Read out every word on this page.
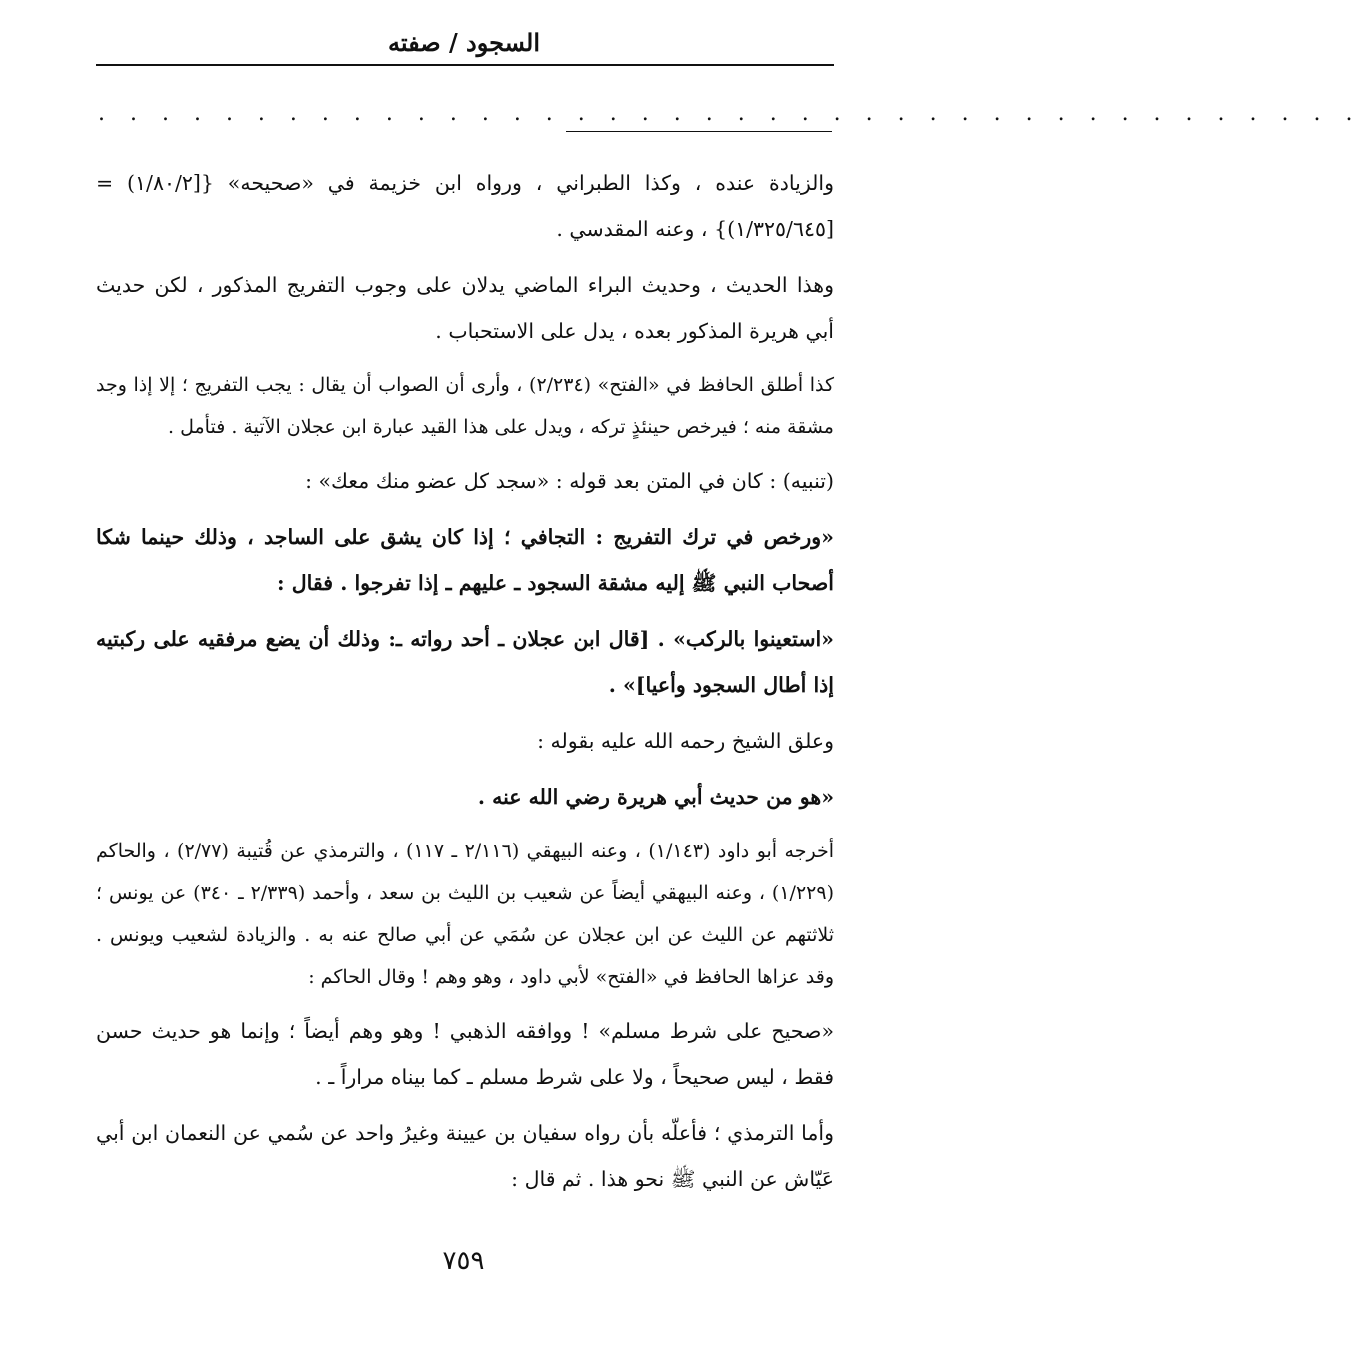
السجود / صفته
. . . . . . . . . . . . . . . . . . . . . . . . . . . . . . . . . . . . . . . .

والزيادة عنده ، وكذا الطبراني ، ورواه ابن خزيمة في «صحيحه» {[١/٨٠/٢) = [١/٣٢٥/٦٤٥)} ، وعنه المقدسي .

وهذا الحديث ، وحديث البراء الماضي يدلان على وجوب التفريج المذكور ، لكن حديث أبي هريرة المذكور بعده ، يدل على الاستحباب .

كذا أطلق الحافظ في «الفتح» (٢/٢٣٤) ، وأرى أن الصواب أن يقال : يجب التفريج ؛ إلا إذا وجد مشقة منه ؛ فيرخص حينئذٍ تركه ، ويدل على هذا القيد عبارة ابن عجلان الآتية . فتأمل .

(تنبيه) : كان في المتن بعد قوله : «سجد كل عضو منك معك» :

«ورخص في ترك التفريج : التجافي ؛ إذا كان يشق على الساجد ، وذلك حينما شكا أصحاب النبي ﷺ إليه مشقة السجود ـ عليهم ـ إذا تفرجوا . فقال :

«استعينوا بالركب» . [قال ابن عجلان ـ أحد رواته ـ: وذلك أن يضع مرفقيه على ركبتيه إذا أطال السجود وأعيا]» .

وعلق الشيخ رحمه الله عليه بقوله :

«هو من حديث أبي هريرة رضي الله عنه .

أخرجه أبو داود (١/١٤٣) ، وعنه البيهقي (٢/١١٦ ـ ١١٧) ، والترمذي عن قُتيبة (٢/٧٧) ، والحاكم (١/٢٢٩) ، وعنه البيهقي أيضاً عن شعيب بن الليث بن سعد ، وأحمد (٢/٣٣٩ ـ ٣٤٠) عن يونس ؛ ثلاثتهم عن الليث عن ابن عجلان عن سُمَي عن أبي صالح عنه به . والزيادة لشعيب ويونس . وقد عزاها الحافظ في «الفتح» لأبي داود ، وهو وهم ! وقال الحاكم :

«صحيح على شرط مسلم» ! ووافقه الذهبي ! وهو وهم أيضاً ؛ وإنما هو حديث حسن فقط ، ليس صحيحاً ، ولا على شرط مسلم ـ كما بيناه مراراً ـ .

وأما الترمذي ؛ فأعلّه بأن رواه سفيان بن عيينة وغيرُ واحد عن سُمي عن النعمان ابن أبي عَيّاش عن النبي ﷺ نحو هذا . ثم قال :

٧٥٩
